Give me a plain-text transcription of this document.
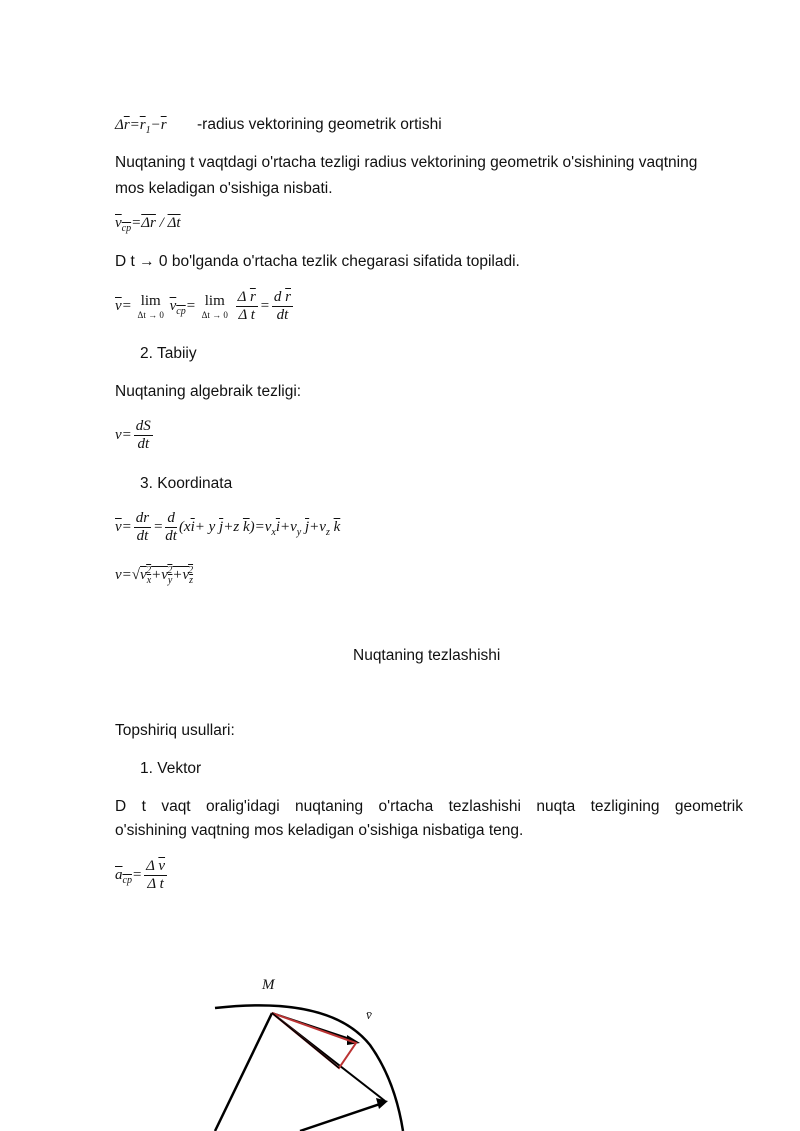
$\Delta\overline{r}=\overline{r}_1-\overline{r}$ -radius vektorining geometrik ortishi
Nuqtaning t vaqtdagi o'rtacha tezligi radius vektorining geometrik o'sishining vaqtning
mos keladigan o'sishiga nisbati.
$v_{cp}=\overline{\Delta r} / \overline{\Delta t}$
D t → 0 bo'lganda o'rtacha tezlik chegarasi sifatida topiladi.
$\overline{v}= \lim$
Δt → 0
$v_{cp}= \lim$
Δt → 0
$\frac{\Delta \overline{r}}{\text{Δ t}} = \frac{d \overline{r}}{dt}$
2. Tabiiy
Nuqtaning algebraik tezligi:
$v= \frac{dS}{dt}$
3. Koordinata
$\overline{v}= \frac{dr}{dt} = \frac{d}{dt} (x\overline{i}+ y$ $\overline{j}+z$ $\overline{k})=v_x\overline{i}+v_y$ $\overline{j}+v_z$ $\overline{k}$
$v=√v_x^2+v_y^2+v_z^2$
Nuqtaning tezlashishi
Topshiriq usullari:
1. Vektor
D t vaqt oralig'idagi nuqtaning o'rtacha tezlashishi nuqta tezligining geometrik
o'sishining vaqtning mos keladigan o'sishiga nisbatiga teng.
$a_{cp}= \frac{\Delta \overline{v}}{\text{Δ t}}$
M
v̄
